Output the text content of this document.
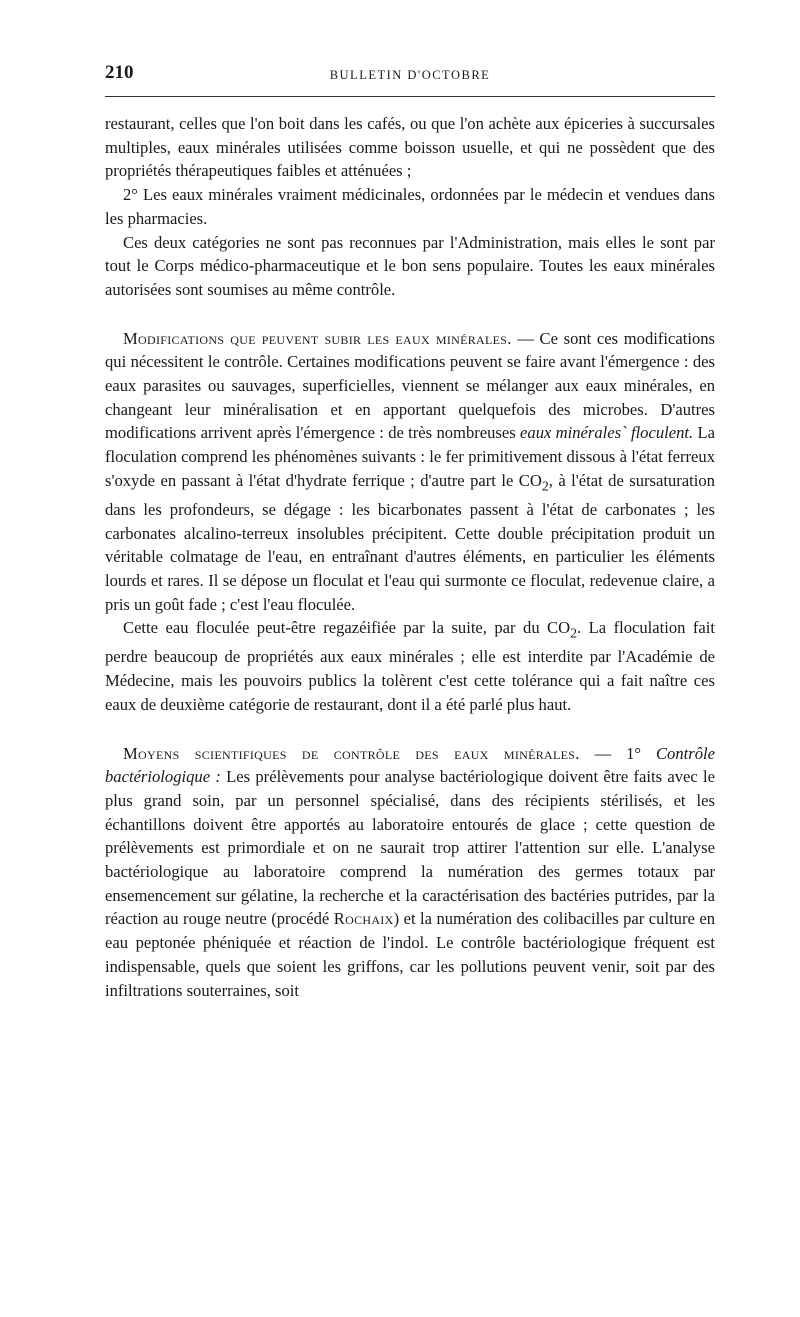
210	BULLETIN D'OCTOBRE

restaurant, celles que l'on boit dans les cafés, ou que l'on achète aux épiceries à succursales multiples, eaux minérales utilisées comme boisson usuelle, et qui ne possèdent que des propriétés thérapeutiques faibles et atténuées ;

2° Les eaux minérales vraiment médicinales, ordonnées par le médecin et vendues dans les pharmacies.

Ces deux catégories ne sont pas reconnues par l'Administration, mais elles le sont par tout le Corps médico-pharmaceutique et le bon sens populaire. Toutes les eaux minérales autorisées sont soumises au même contrôle.

Modifications que peuvent subir les eaux minérales. — Ce sont ces modifications qui nécessitent le contrôle. Certaines modifications peuvent se faire avant l'émergence : des eaux parasites ou sauvages, superficielles, viennent se mélanger aux eaux minérales, en changeant leur minéralisation et en apportant quelquefois des microbes. D'autres modifications arrivent après l'émergence : de très nombreuses eaux minérales` floculent. La floculation comprend les phénomènes suivants : le fer primitivement dissous à l'état ferreux s'oxyde en passant à l'état d'hydrate ferrique ; d'autre part le $CO_2$, à l'état de sursaturation dans les profondeurs, se dégage : les bicarbonates passent à l'état de carbonates ; les carbonates alcalino-terreux insolubles précipitent. Cette double précipitation produit un véritable colmatage de l'eau, en entraînant d'autres éléments, en particulier les éléments lourds et rares. Il se dépose un floculat et l'eau qui surmonte ce floculat, redevenue claire, a pris un goût fade ; c'est l'eau floculée.

Cette eau floculée peut-être regazéifiée par la suite, par du $CO_2$. La floculation fait perdre beaucoup de propriétés aux eaux minérales ; elle est interdite par l'Académie de Médecine, mais les pouvoirs publics la tolèrent c'est cette tolérance qui a fait naître ces eaux de deuxième catégorie de restaurant, dont il a été parlé plus haut.

Moyens scientifiques de contrôle des eaux minérales. — 1° Contrôle bactériologique : Les prélèvements pour analyse bactériologique doivent être faits avec le plus grand soin, par un personnel spécialisé, dans des récipients stérilisés, et les échantillons doivent être apportés au laboratoire entourés de glace ; cette question de prélèvements est primordiale et on ne saurait trop attirer l'attention sur elle. L'analyse bactériologique au laboratoire comprend la numération des germes totaux par ensemencement sur gélatine, la recherche et la caractérisation des bactéries putrides, par la réaction au rouge neutre (procédé Rochaix) et la numération des colibacilles par culture en eau peptonée phéniquée et réaction de l'indol. Le contrôle bactériologique fréquent est indispensable, quels que soient les griffons, car les pollutions peuvent venir, soit par des infiltrations souterraines, soit
